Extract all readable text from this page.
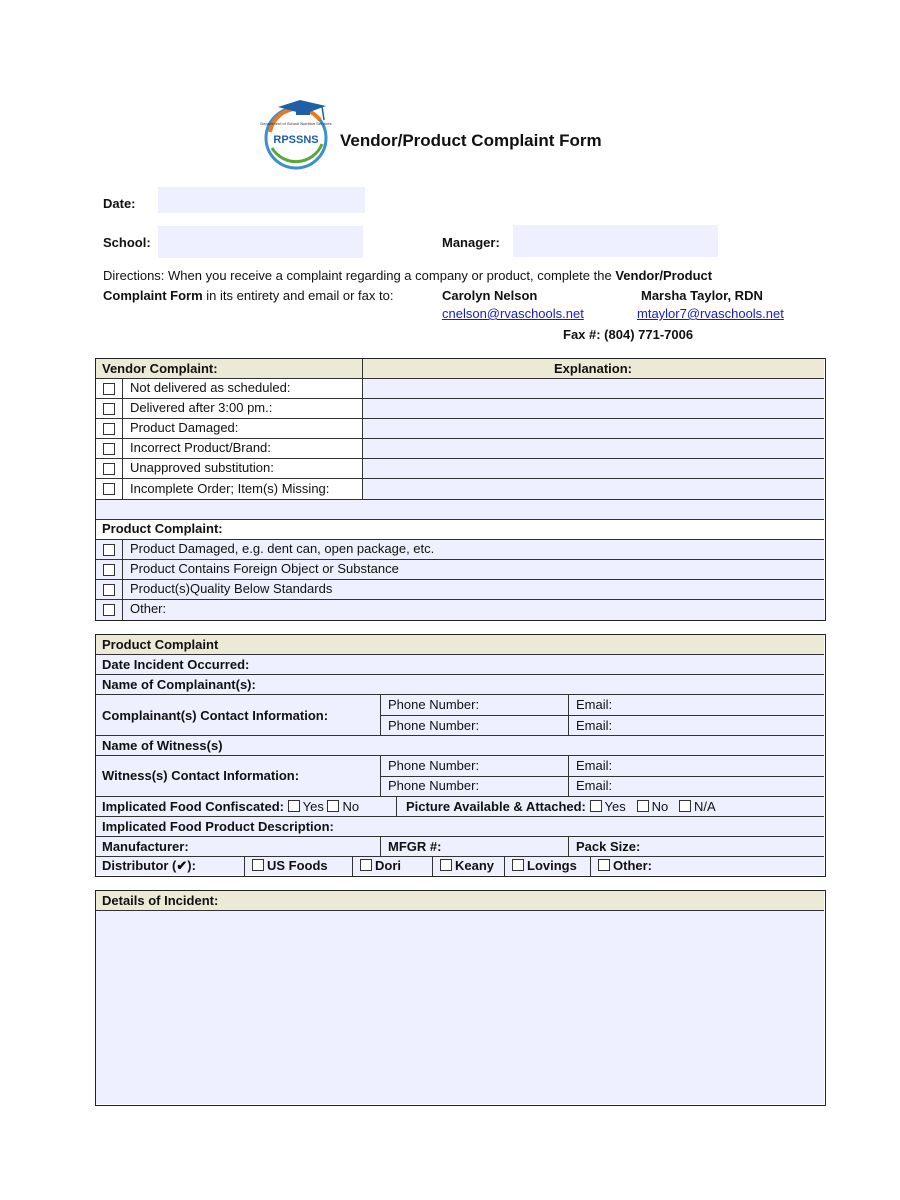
RPSSNS
Department of School Nutrition Services
Vendor/Product Complaint Form
Date:
School:	Manager:
Directions: When you receive a complaint regarding a company or product, complete the Vendor/Product
Complaint Form in its entirety and email or fax to:	Carolyn Nelson	Marsha Taylor, RDN
cnelson@rvaschools.net	mtaylor7@rvaschools.net
Fax #: (804) 771-7006
Vendor Complaint:	Explanation:
Not delivered as scheduled:
Delivered after 3:00 pm.:
Product Damaged:
Incorrect Product/Brand:
Unapproved substitution:
Incomplete Order; Item(s) Missing:
Product Complaint:
Product Damaged, e.g. dent can, open package, etc.
Product Contains Foreign Object or Substance
Product(s)Quality Below Standards
Other:
Product Complaint
Date Incident Occurred:
Name of Complainant(s):
Complainant(s) Contact Information:
Phone Number:	Email:
Phone Number:	Email:
Name of Witness(s)
Witness(s) Contact Information:
Phone Number:	Email:
Phone Number:	Email:
Implicated Food Confiscated: Yes No	Picture Available & Attached: Yes No N/A
Implicated Food Product Description:
Manufacturer:	MFGR #:	Pack Size:
Distributor (✔):	US Foods	Dori	Keany	Lovings	Other:
Details of Incident:
